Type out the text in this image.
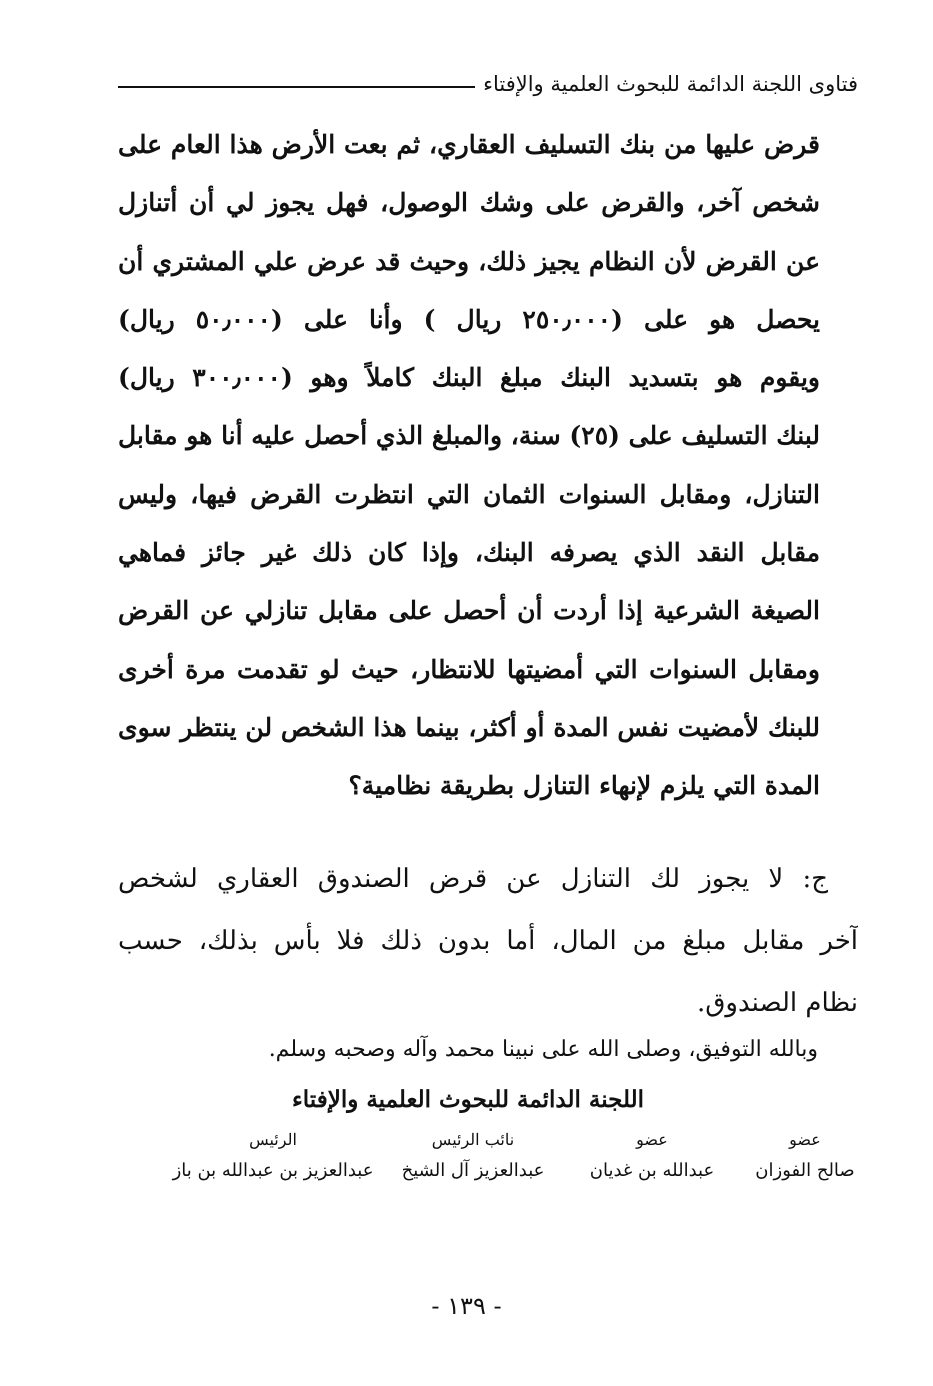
فتاوى اللجنة الدائمة للبحوث العلمية والإفتاء
قرض عليها من بنك التسليف العقاري، ثم بعت الأرض هذا العام على
شخص آخر، والقرض على وشك الوصول، فهل يجوز لي أن أتنازل
عن القرض لأن النظام يجيز ذلك، وحيث قد عرض علي المشتري أن
يحصل هو على (٢٥٠٫٠٠٠ ريال ) وأنا على (٥٠٫٠٠٠ ريال)
ويقوم هو بتسديد البنك مبلغ البنك كاملاً وهو (٣٠٠٫٠٠٠ ريال)
لبنك التسليف على (٢٥) سنة، والمبلغ الذي أحصل عليه أنا هو مقابل
التنازل، ومقابل السنوات الثمان التي انتظرت القرض فيها، وليس
مقابل النقد الذي يصرفه البنك، وإذا كان ذلك غير جائز فماهي
الصيغة الشرعية إذا أردت أن أحصل على مقابل تنازلي عن القرض
ومقابل السنوات التي أمضيتها للانتظار، حيث لو تقدمت مرة أخرى
للبنك لأمضيت نفس المدة أو أكثر، بينما هذا الشخص لن ينتظر سوى
المدة التي يلزم لإنهاء التنازل بطريقة نظامية؟
ج: لا يجوز لك التنازل عن قرض الصندوق العقاري لشخص
آخر مقابل مبلغ من المال، أما بدون ذلك فلا بأس بذلك، حسب
نظام الصندوق.
وبالله التوفيق، وصلى الله على نبينا محمد وآله وصحبه وسلم.
اللجنة الدائمة للبحوث العلمية والإفتاء
عضو
صالح الفوزان
عضو
عبدالله بن غديان
نائب الرئيس
عبدالعزيز آل الشيخ
الرئيس
عبدالعزيز بن عبدالله بن باز
- ١٣٩ -
